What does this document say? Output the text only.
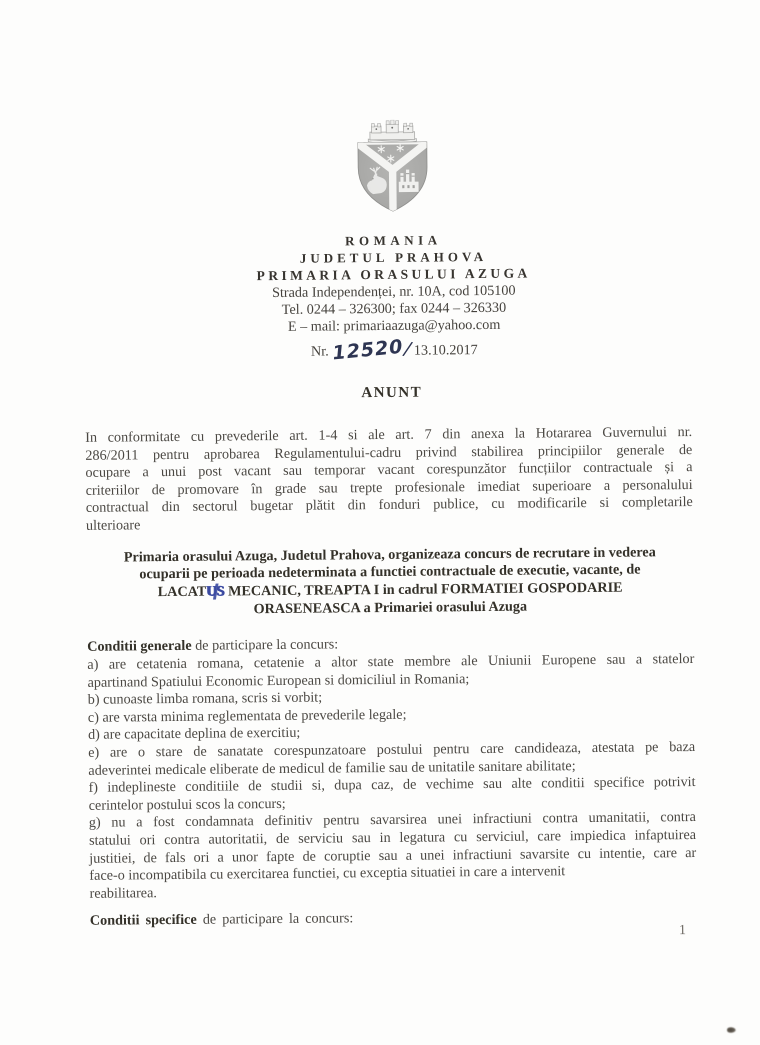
ROMANIA
JUDETUL PRAHOVA
PRIMARIA ORASULUI AZUGA
Strada Independenței, nr. 10A, cod 105100
Tel. 0244 – 326300; fax 0244 – 326330
E – mail: primariaazuga@yahoo.com
Nr. 12520/ 13.10.2017
ANUNT
In conformitate cu prevederile art. 1-4 si ale art. 7 din anexa la Hotararea Guvernului nr.
286/2011 pentru aprobarea Regulamentului-cadru privind stabilirea principiilor generale de
ocupare a unui post vacant sau temporar vacant corespunzător funcțiilor contractuale și a
criteriilor de promovare în grade sau trepte profesionale imediat superioare a personalului
contractual din sectorul bugetar plătit din fonduri publice, cu modificarile si completarile
ulterioare
Primaria orasului Azuga, Judetul Prahova, organizeaza concurs de recrutare in vederea
ocuparii pe perioada nedeterminata a functiei contractuale de executie, vacante, de
LACATUS MECANIC, TREAPTA I in cadrul FORMATIEI GOSPODARIE
ORASENEASCA a Primariei orasului Azuga
Conditii generale de participare la concurs:
a) are cetatenia romana, cetatenie a altor state membre ale Uniunii Europene sau a statelor
apartinand Spatiului Economic European si domiciliul in Romania;
b) cunoaste limba romana, scris si vorbit;
c) are varsta minima reglementata de prevederile legale;
d) are capacitate deplina de exercitiu;
e) are o stare de sanatate corespunzatoare postului pentru care candideaza, atestata pe baza
adeverintei medicale eliberate de medicul de familie sau de unitatile sanitare abilitate;
f) indeplineste conditiile de studii si, dupa caz, de vechime sau alte conditii specifice potrivit
cerintelor postului scos la concurs;
g) nu a fost condamnata definitiv pentru savarsirea unei infractiuni contra umanitatii, contra
statului ori contra autoritatii, de serviciu sau in legatura cu serviciul, care impiedica infaptuirea
justitiei, de fals ori a unor fapte de coruptie sau a unei infractiuni savarsite cu intentie, care ar
face-o incompatibila cu exercitarea functiei, cu exceptia situatiei in care a intervenit
reabilitarea.
Conditii specifice de participare la concurs:
1
